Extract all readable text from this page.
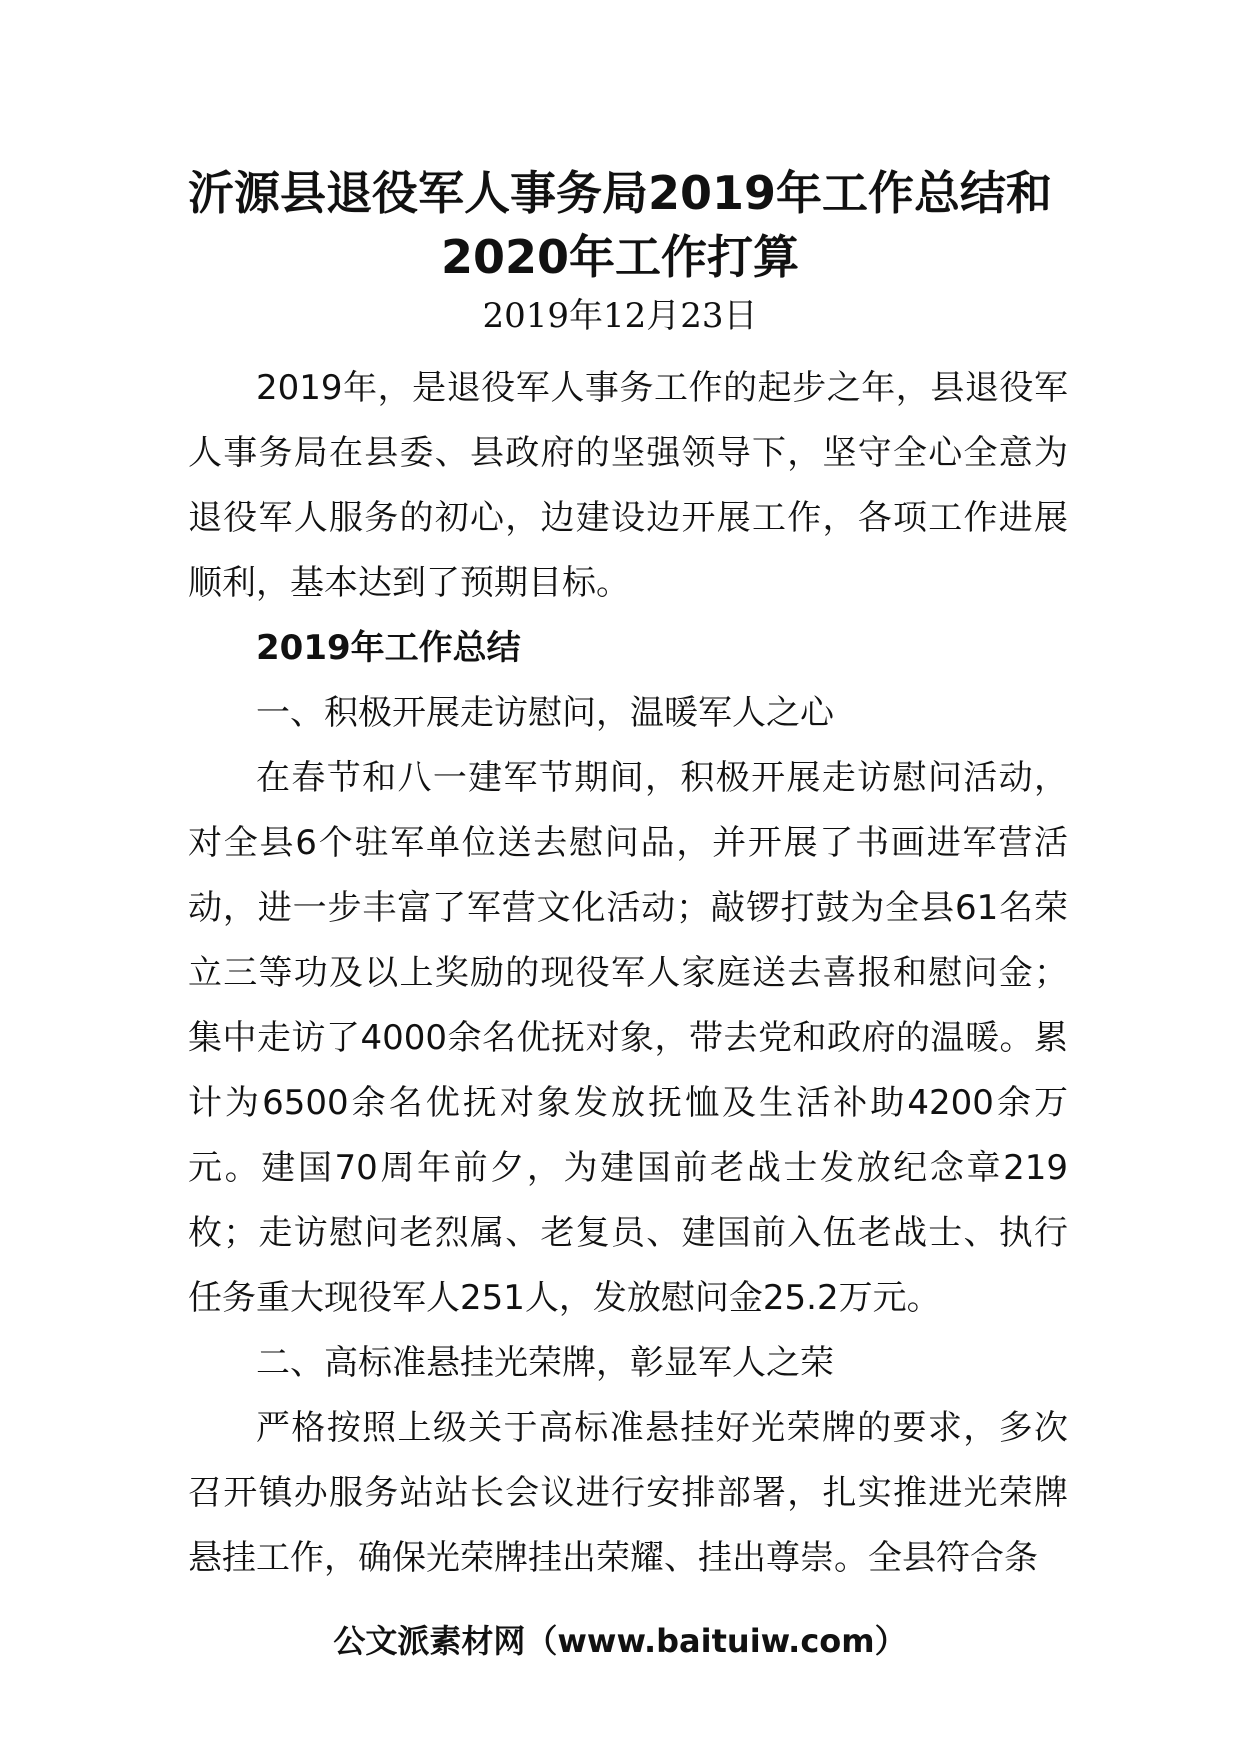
沂源县退役军人事务局2019年工作总结和
2020年工作打算
2019年12月23日

2019年，是退役军人事务工作的起步之年，县退役军人事务局在县委、县政府的坚强领导下，坚守全心全意为退役军人服务的初心，边建设边开展工作，各项工作进展顺利，基本达到了预期目标。

2019年工作总结

一、积极开展走访慰问，温暖军人之心

在春节和八一建军节期间，积极开展走访慰问活动，对全县6个驻军单位送去慰问品，并开展了书画进军营活动，进一步丰富了军营文化活动；敲锣打鼓为全县61名荣立三等功及以上奖励的现役军人家庭送去喜报和慰问金；集中走访了4000余名优抚对象，带去党和政府的温暖。累计为6500余名优抚对象发放抚恤及生活补助4200余万元。建国70周年前夕，为建国前老战士发放纪念章219枚；走访慰问老烈属、老复员、建国前入伍老战士、执行任务重大现役军人251人，发放慰问金25.2万元。

二、高标准悬挂光荣牌，彰显军人之荣

严格按照上级关于高标准悬挂好光荣牌的要求，多次召开镇办服务站站长会议进行安排部署，扎实推进光荣牌悬挂工作，确保光荣牌挂出荣耀、挂出尊崇。全县符合条

公文派素材网（www.baituiw.com）
